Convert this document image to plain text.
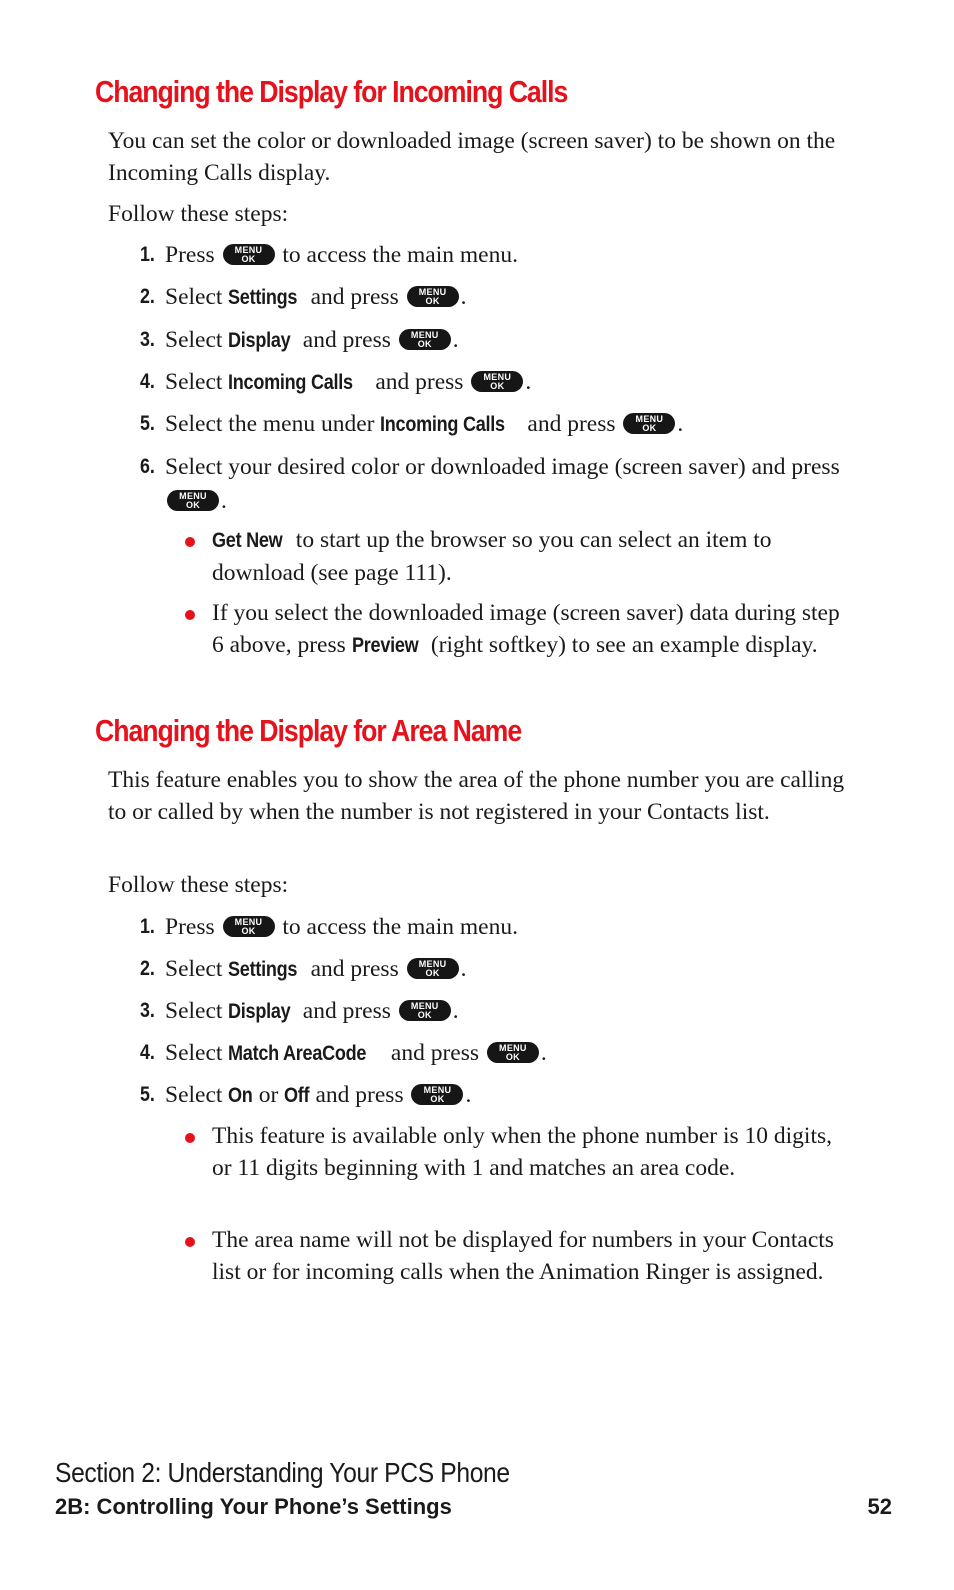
Changing the Display for Incoming Calls
You can set the color or downloaded image (screen saver) to be shown on the Incoming Calls display.
Follow these steps:
1. Press	MENU
OK to access the main menu.
2. Select Settings and press	MENU
OK .
3. Select Display and press	MENU
OK .
4. Select Incoming Calls and press	MENU
OK .
5. Select the menu under Incoming Calls and press	MENU
OK .
6. Select your desired color or downloaded image (screen saver) and press
MENU
OK .
Get New to start up the browser so you can select an item to download (see page 111).
If you select the downloaded image (screen saver) data during step 6 above, press Preview (right softkey) to see an example display.
Changing the Display for Area Name
This feature enables you to show the area of the phone number you are calling to or called by when the number is not registered in your Contacts list.
Follow these steps:
1. Press	MENU
OK to access the main menu.
2. Select Settings and press	MENU
OK .
3. Select Display and press	MENU
OK .
4. Select Match AreaCode and press	MENU
OK .
5. Select On or Off and press	MENU
OK .
This feature is available only when the phone number is 10 digits, or 11 digits beginning with 1 and matches an area code.
The area name will not be displayed for numbers in your Contacts list or for incoming calls when the Animation Ringer is assigned.
Section 2: Understanding Your PCS Phone
2B: Controlling Your Phone’s Settings	52
